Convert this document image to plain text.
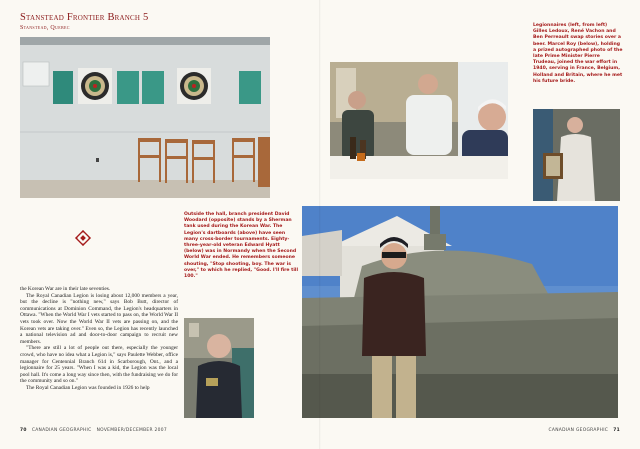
Stanstead Frontier Branch 5
Stanstead, Quebec	Legionnaires (left, from left) Gilles Ledoux, René Vachon and Ben Perreault swap stories over a beer. Marcel Roy (below), holding a prized autographed photo of the late Prime Minister Pierre Trudeau, joined the war effort in 1940, serving in France, Belgium, Holland and Britain, where he met his future bride.
Outside the hall, branch president David Woodard (opposite) stands by a Sherman tank used during the Korean War. The Legion's dartboards (above) have seen many cross-border tournaments. Eighty-three-year-old veteran Edward Hyatt (below) was in Normandy when the Second World War ended. He remembers someone shouting, "Stop shooting, boy. The war is over," to which he replied, "Good. I'll fire till 100."

the Korean War are in their late seventies.

The Royal Canadian Legion is losing about 12,000 members a year, but the decline is "nothing new," says Bob Butt, director of communications at Dominion Command, the Legion's headquarters in Ottawa. "When the World War I vets started to pass on, the World War II vets took over. Now the World War II vets are passing on, and the Korean vets are taking over." Even so, the Legion has recently launched a national television ad and door-to-door campaign to recruit new members.

"There are still a lot of people out there, especially the younger crowd, who have no idea what a Legion is," says Paulette Webber, office manager for Centennial Branch 614 in Scarborough, Ont., and a legionnaire for 25 years. "When I was a kid, the Legion was the local pool hall. It's come a long way since then, with the fundraising we do for the community and so on."

The Royal Canadian Legion was founded in 1926 to help

70 CANADIAN GEOGRAPHIC NOVEMBER/DECEMBER 2007	CANADIAN GEOGRAPHIC 71
